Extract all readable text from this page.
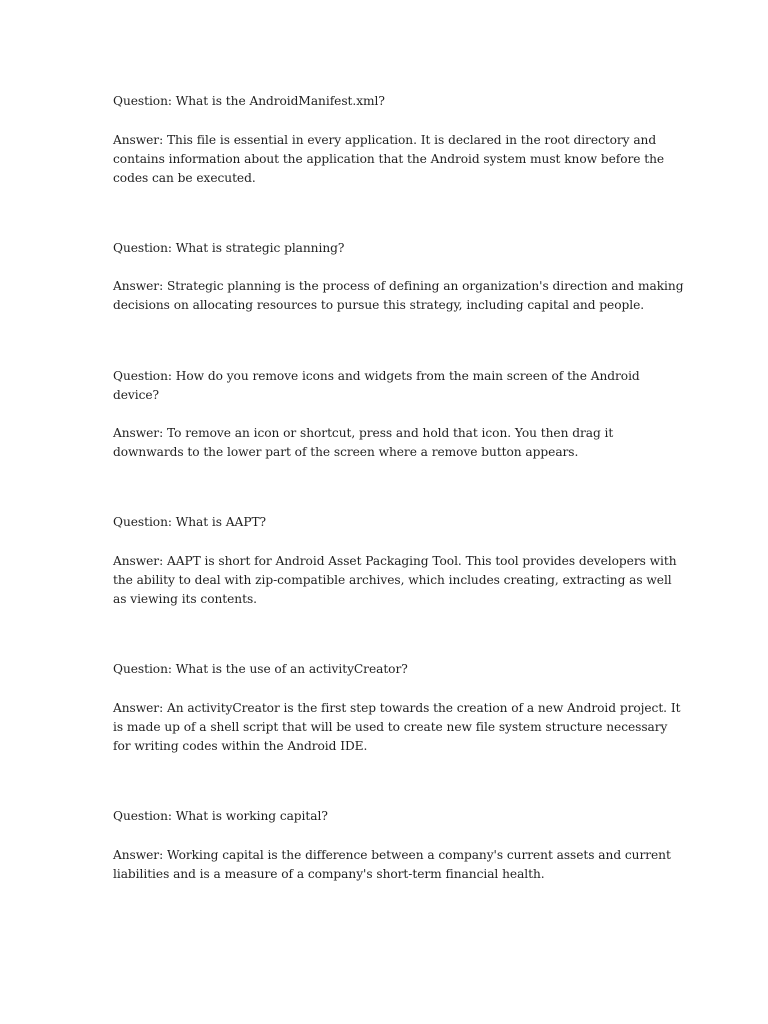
Question: What is the AndroidManifest.xml?

Answer: This file is essential in every application. It is declared in the root directory and

contains information about the application that the Android system must know before the

codes can be executed.

Question: What is strategic planning?

Answer: Strategic planning is the process of defining an organization's direction and making

decisions on allocating resources to pursue this strategy, including capital and people.

Question: How do you remove icons and widgets from the main screen of the Android

device?

Answer: To remove an icon or shortcut, press and hold that icon. You then drag it

downwards to the lower part of the screen where a remove button appears.

Question: What is AAPT?

Answer: AAPT is short for Android Asset Packaging Tool. This tool provides developers with

the ability to deal with zip-compatible archives, which includes creating, extracting as well

as viewing its contents.

Question: What is the use of an activityCreator?

Answer: An activityCreator is the first step towards the creation of a new Android project. It

is made up of a shell script that will be used to create new file system structure necessary

for writing codes within the Android IDE.

Question: What is working capital?

Answer: Working capital is the difference between a company's current assets and current

liabilities and is a measure of a company's short-term financial health.
